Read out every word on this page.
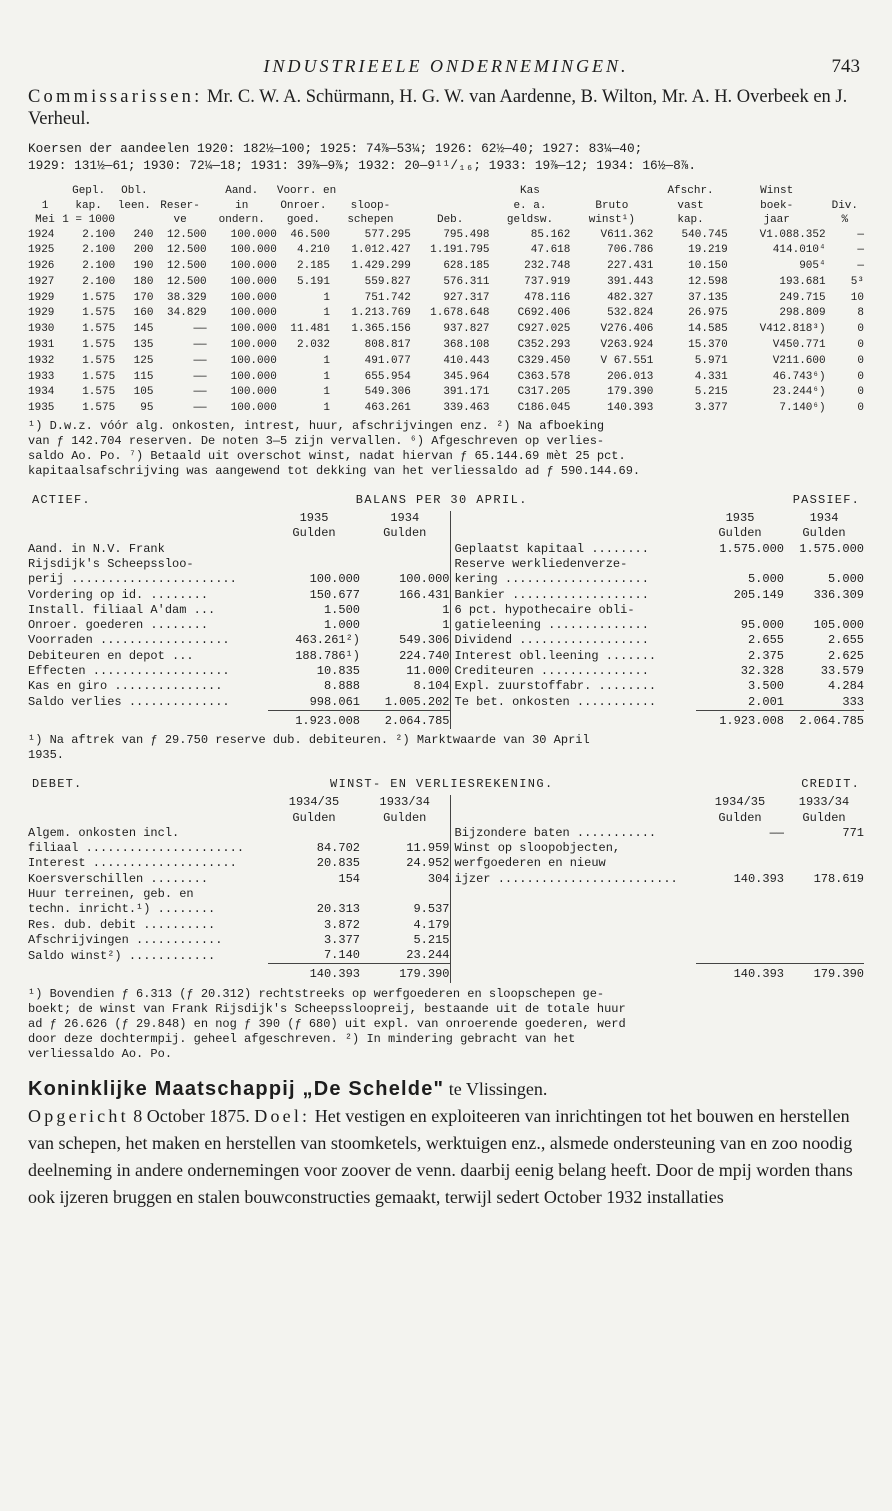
INDUSTRIEELE ONDERNEMINGEN.	743
Commissarissen: Mr. C. W. A. Schürmann, H. G. W. van Aardenne, B. Wilton, Mr. A. H. Overbeek en J. Verheul.
Koersen der aandeelen 1920: 182½—100; 1925: 74⅞—53¼; 1926: 62½—40; 1927: 83¼—40;
1929: 131½—61; 1930: 72¼—18; 1931: 39⅞—9⅞; 1932: 20—9¹¹/₁₆; 1933: 19⅞—12; 1934: 16½—8⅞.
	Gepl.	Obl.		Aand.	Voorr. en			Kas		Afschr.	Winst	
1	kap.	leen.	Reser-	in	Onroer.	sloop-		e. a.	Bruto	vast	boek-	Div.
Mei	1 = 1000		ve	ondern.	goed.	schepen	Deb.	geldsw.	winst¹)	kap.	jaar	%
1924	2.100	240	12.500	100.000	46.500	577.295	795.498	85.162	V611.362	540.745	V1.088.352	—
1925	2.100	200	12.500	100.000	4.210	1.012.427	1.191.795	47.618	706.786	19.219	414.010⁴	—
1926	2.100	190	12.500	100.000	2.185	1.429.299	628.185	232.748	227.431	10.150	905⁴	—
1927	2.100	180	12.500	100.000	5.191	559.827	576.311	737.919	391.443	12.598	193.681	5³
1929	1.575	170	38.329	100.000	1	751.742	927.317	478.116	482.327	37.135	249.715	10
1929	1.575	160	34.829	100.000	1	1.213.769	1.678.648	C692.406	532.824	26.975	298.809	8
1930	1.575	145	——	100.000	11.481	1.365.156	937.827	C927.025	V276.406	14.585	V412.818³)	0
1931	1.575	135	——	100.000	2.032	808.817	368.108	C352.293	V263.924	15.370	V450.771	0
1932	1.575	125	——	100.000	1	491.077	410.443	C329.450	V 67.551	5.971	V211.600	0
1933	1.575	115	——	100.000	1	655.954	345.964	C363.578	206.013	4.331	46.743⁶)	0
1934	1.575	105	——	100.000	1	549.306	391.171	C317.205	179.390	5.215	23.244⁶)	0
1935	1.575	95	——	100.000	1	463.261	339.463	C186.045	140.393	3.377	7.140⁶)	0
¹) D.w.z. vóór alg. onkosten, intrest, huur, afschrijvingen enz. ²) Na afboeking
van ƒ 142.704 reserven. De noten 3—5 zijn vervallen. ⁶) Afgeschreven op verlies-
saldo Ao. Po. ⁷) Betaald uit overschot winst, nadat hiervan ƒ 65.144.69 mèt 25 pct.
kapitaalsafschrijving was aangewend tot dekking van het verliessaldo ad ƒ 590.144.69.
ACTIEF.	BALANS PER 30 APRIL.	PASSIEF.
	1935	1934		1935	1934
	Gulden	Gulden		Gulden	Gulden
Aand. in N.V. Frank			Geplaatst kapitaal ........	1.575.000	1.575.000
Rijsdijk's Scheepssloo-			Reserve werkliedenverze-		
perij .......................	100.000	100.000	kering ....................	5.000	5.000
Vordering op id. ........	150.677	166.431	Bankier ...................	205.149	336.309
Install. filiaal A'dam ...	1.500	1	6 pct. hypothecaire obli-		
Onroer. goederen ........	1.000	1	gatieleening ..............	95.000	105.000
Voorraden ..................	463.261²)	549.306	Dividend ..................	2.655	2.655
Debiteuren en depot ...	188.786¹)	224.740	Interest obl.leening .......	2.375	2.625
Effecten ...................	10.835	11.000	Crediteuren ...............	32.328	33.579
Kas en giro ...............	8.888	8.104	Expl. zuurstoffabr. ........	3.500	4.284
Saldo verlies ..............	998.061	1.005.202	Te bet. onkosten ...........	2.001	333
	1.923.008	2.064.785		1.923.008	2.064.785
¹) Na aftrek van ƒ 29.750 reserve dub. debiteuren. ²) Marktwaarde van 30 April
1935.
DEBET.	WINST- EN VERLIESREKENING.	CREDIT.
	1934/35	1933/34		1934/35	1933/34
	Gulden	Gulden		Gulden	Gulden
Algem. onkosten incl.			Bijzondere baten ...........	——	771
filiaal ......................	84.702	11.959	Winst op sloopobjecten,		
Interest ....................	20.835	24.952	werfgoederen en nieuw		
Koersverschillen ........	154	304	ijzer .........................	140.393	178.619
Huur terreinen, geb. en					
techn. inricht.¹) ........	20.313	9.537			
Res. dub. debit ..........	3.872	4.179			
Afschrijvingen ............	3.377	5.215			
Saldo winst²) ............	7.140	23.244			
	140.393	179.390		140.393	179.390
¹) Bovendien ƒ 6.313 (ƒ 20.312) rechtstreeks op werfgoederen en sloopschepen ge-
boekt; de winst van Frank Rijsdijk's Scheepssloopreij, bestaande uit de totale huur
ad ƒ 26.626 (ƒ 29.848) en nog ƒ 390 (ƒ 680) uit expl. van onroerende goederen, werd
door deze dochtermpij. geheel afgeschreven. ²) In mindering gebracht van het
verliessaldo Ao. Po.
Koninklijke Maatschappij „De Schelde" te Vlissingen.
Opgericht 8 October 1875. Doel: Het vestigen en exploiteeren van inrichtingen tot het bouwen en herstellen van schepen, het maken en herstellen van stoomketels, werktuigen enz., alsmede ondersteuning van en zoo noodig deelneming in andere ondernemingen voor zoover de venn. daarbij eenig belang heeft. Door de mpij worden thans ook ijzeren bruggen en stalen bouwconstructies gemaakt, terwijl sedert October 1932 installaties
